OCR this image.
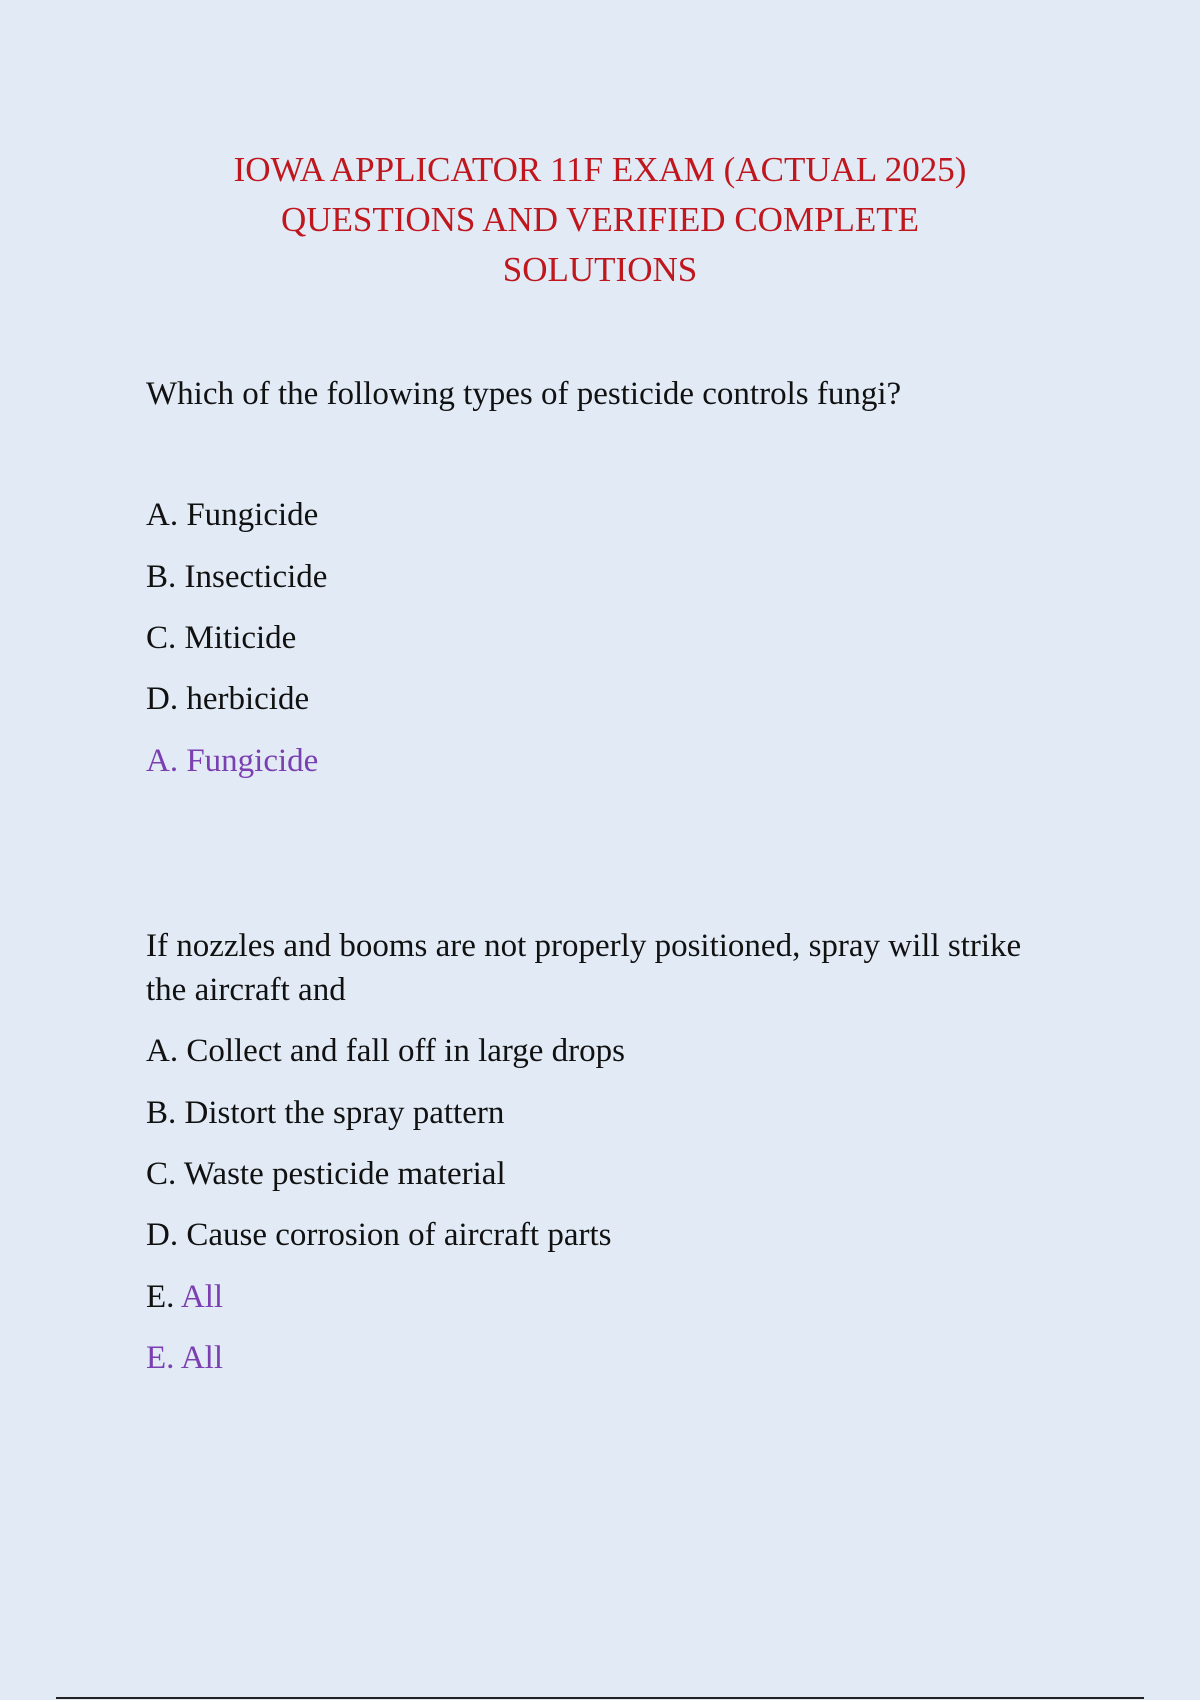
IOWA APPLICATOR 11F EXAM (ACTUAL 2025)
QUESTIONS AND VERIFIED COMPLETE
SOLUTIONS
Which of the following types of pesticide controls fungi?
A. Fungicide
B. Insecticide
C. Miticide
D. herbicide
A. Fungicide
If nozzles and booms are not properly positioned, spray will strike the aircraft and
A. Collect and fall off in large drops
B. Distort the spray pattern
C. Waste pesticide material
D. Cause corrosion of aircraft parts
E. All
E. All
